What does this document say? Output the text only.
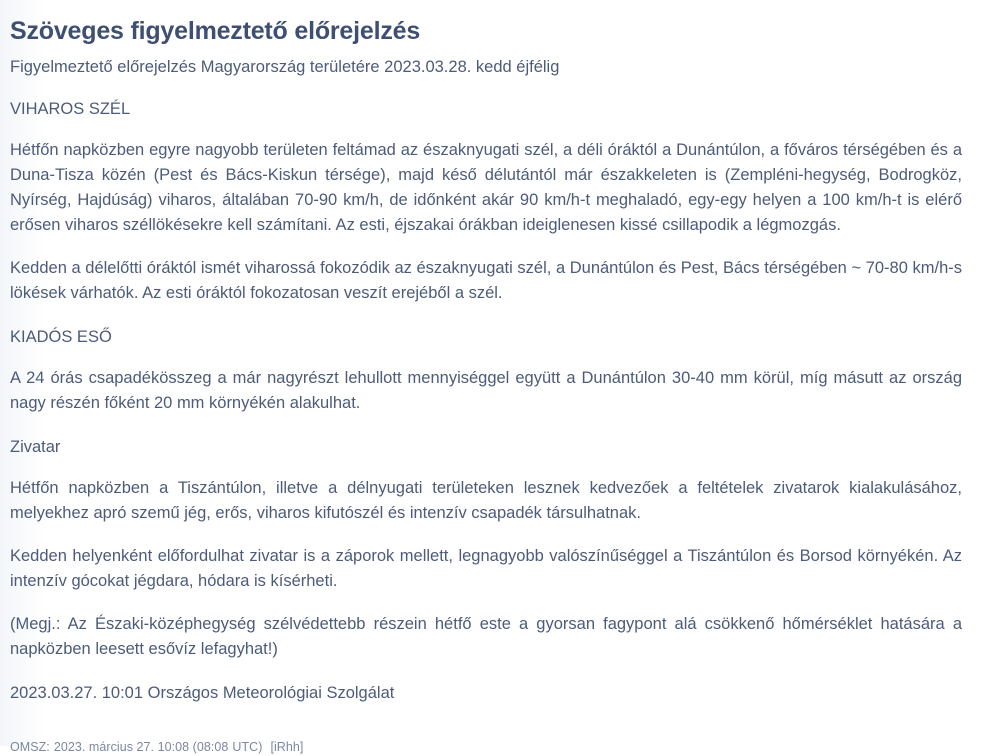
Szöveges figyelmeztető előrejelzés
Figyelmeztető előrejelzés Magyarország területére 2023.03.28. kedd éjfélig
VIHAROS SZÉL

Hétfőn napközben egyre nagyobb területen feltámad az északnyugati szél, a déli óráktól a Dunántúlon, a főváros térségében és a Duna-Tisza közén (Pest és Bács-Kiskun térsége), majd késő délutántól már északkeleten is (Zempléni-hegység, Bodrogköz, Nyírség, Hajdúság) viharos, általában 70-90 km/h, de időnként akár 90 km/h-t meghaladó, egy-egy helyen a 100 km/h-t is elérő erősen viharos széllökésekre kell számítani. Az esti, éjszakai órákban ideiglenesen kissé csillapodik a légmozgás.

Kedden a délelőtti óráktól ismét viharossá fokozódik az északnyugati szél, a Dunántúlon és Pest, Bács térségében ~ 70-80 km/h-s lökések várhatók. Az esti óráktól fokozatosan veszít erejéből a szél.

KIADÓS ESŐ

A 24 órás csapadékösszeg a már nagyrészt lehullott mennyiséggel együtt a Dunántúlon 30-40 mm körül, míg másutt az ország nagy részén főként 20 mm környékén alakulhat.

Zivatar

Hétfőn napközben a Tiszántúlon, illetve a délnyugati területeken lesznek kedvezőek a feltételek zivatarok kialakulásához, melyekhez apró szemű jég, erős, viharos kifutószél és intenzív csapadék társulhatnak.

Kedden helyenként előfordulhat zivatar is a záporok mellett, legnagyobb valószínűséggel a Tiszántúlon és Borsod környékén. Az intenzív gócokat jégdara, hódara is kísérheti.

(Megj.: Az Északi-középhegység szélvédettebb részein hétfő este a gyorsan fagypont alá csökkenő hőmérséklet hatására a napközben leesett esővíz lefagyhat!)

2023.03.27. 10:01 Országos Meteorológiai Szolgálat
OMSZ: 2023. március 27. 10:08 (08:08 UTC) [iRhh]
